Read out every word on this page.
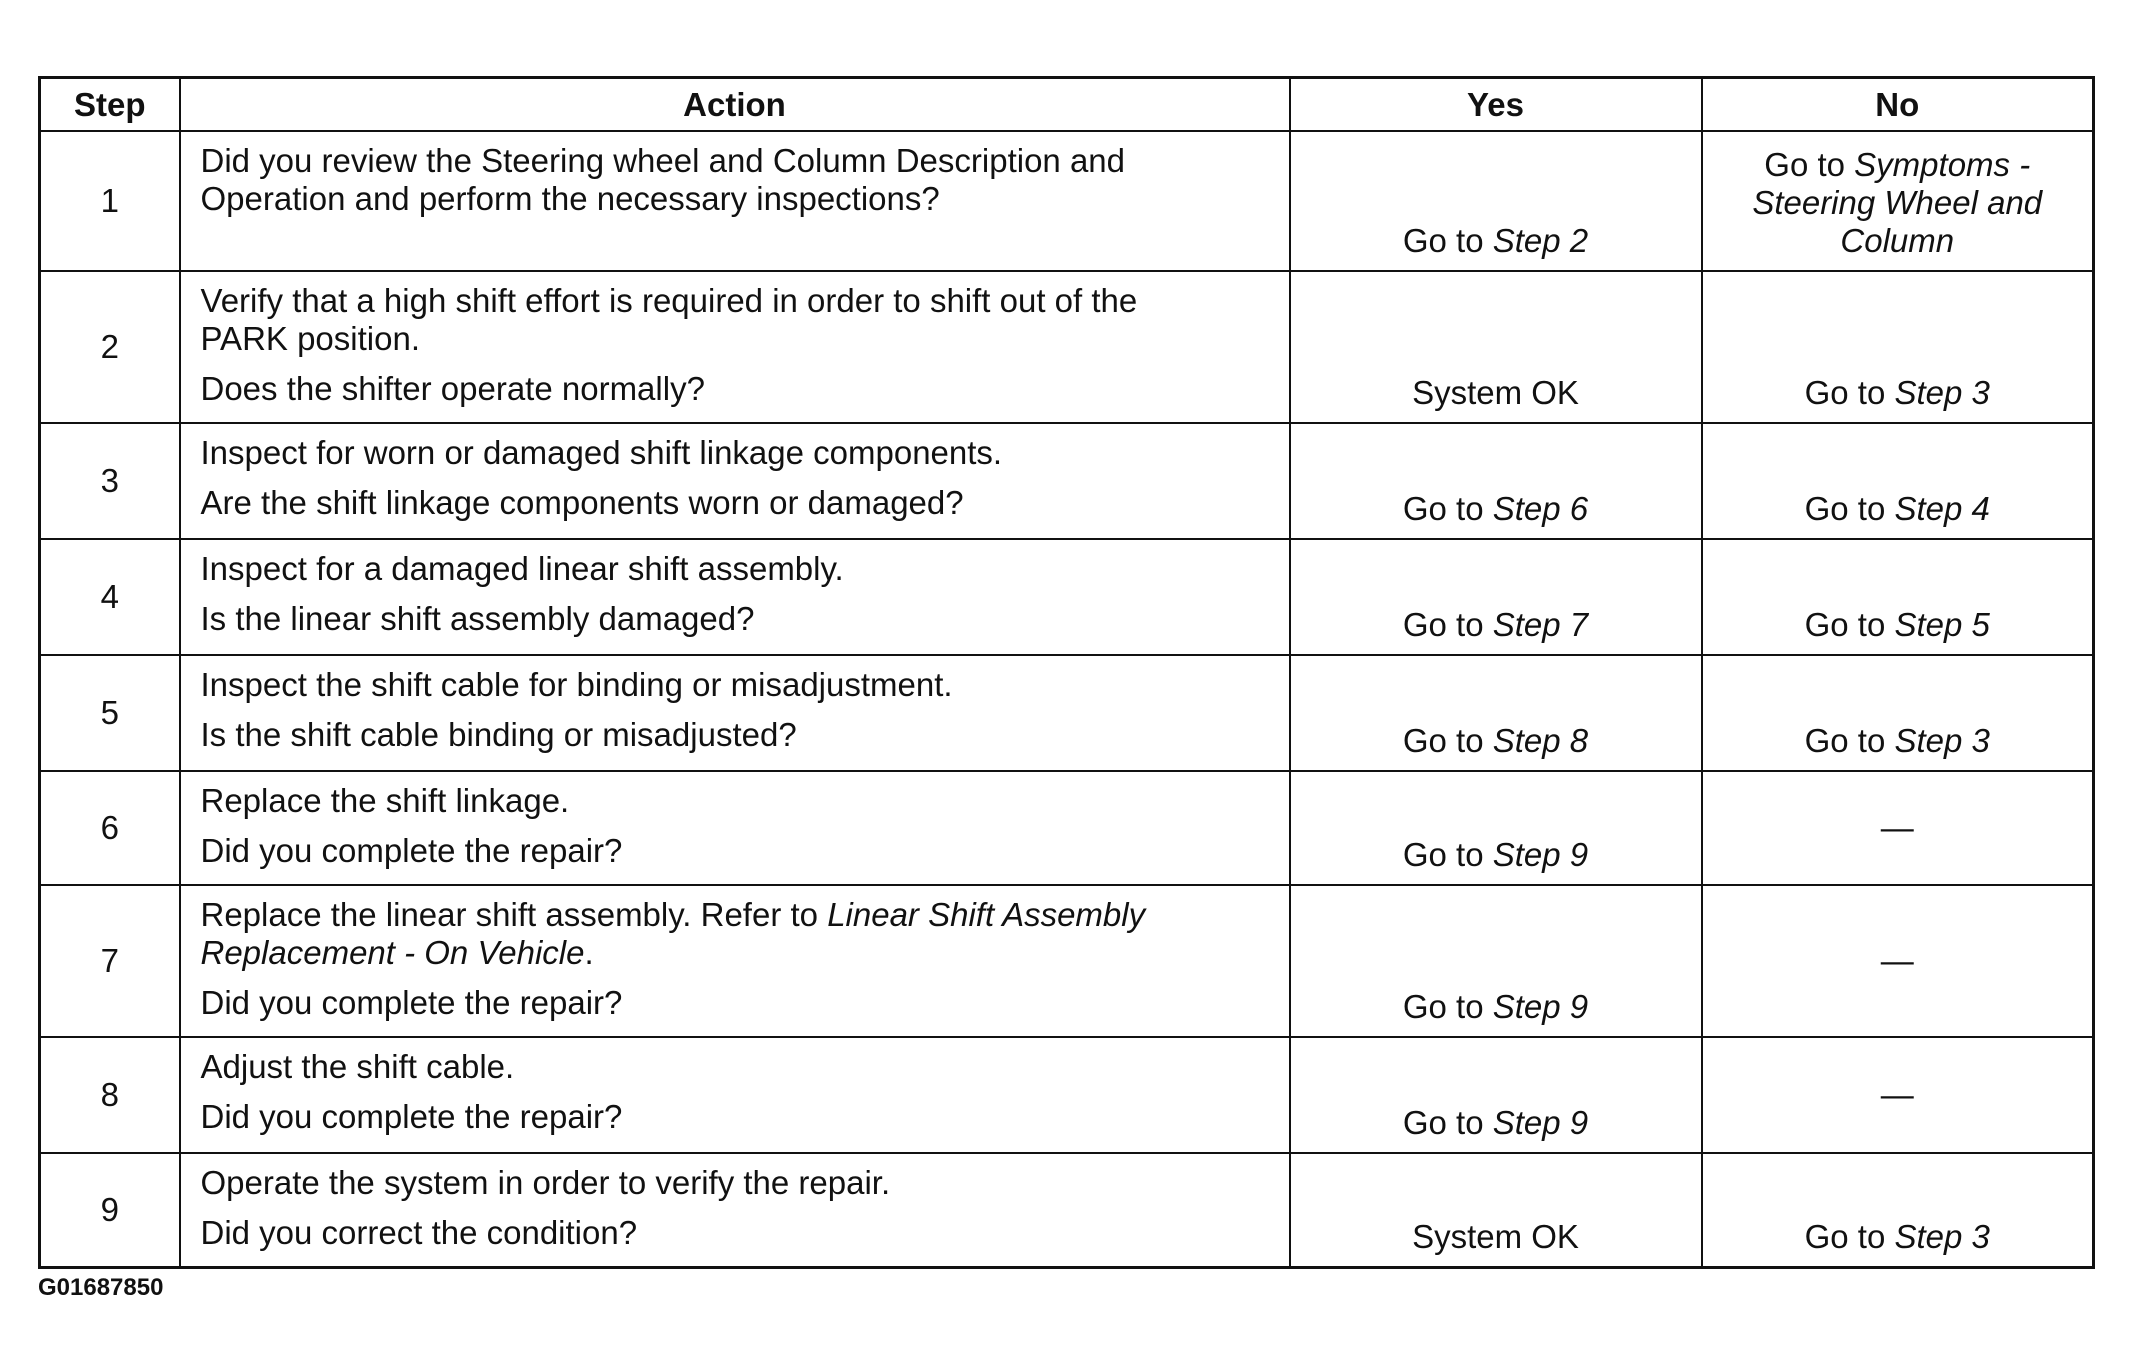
Step	Action	Yes	No
1	Did you review the Steering wheel and Column Description and
Operation and perform the necessary inspections?	Go to Step 2	Go to Symptoms -
Steering Wheel and
Column
2	Verify that a high shift effort is required in order to shift out of the
PARK position.
Does the shifter operate normally?	System OK	Go to Step 3
3	Inspect for worn or damaged shift linkage components.
Are the shift linkage components worn or damaged?	Go to Step 6	Go to Step 4
4	Inspect for a damaged linear shift assembly.
Is the linear shift assembly damaged?	Go to Step 7	Go to Step 5
5	Inspect the shift cable for binding or misadjustment.
Is the shift cable binding or misadjusted?	Go to Step 8	Go to Step 3
6	Replace the shift linkage.
Did you complete the repair?	Go to Step 9	—
7	Replace the linear shift assembly. Refer to Linear Shift Assembly
Replacement - On Vehicle.
Did you complete the repair?	Go to Step 9	—
8	Adjust the shift cable.
Did you complete the repair?	Go to Step 9	—
9	Operate the system in order to verify the repair.
Did you correct the condition?	System OK	Go to Step 3
G01687850
